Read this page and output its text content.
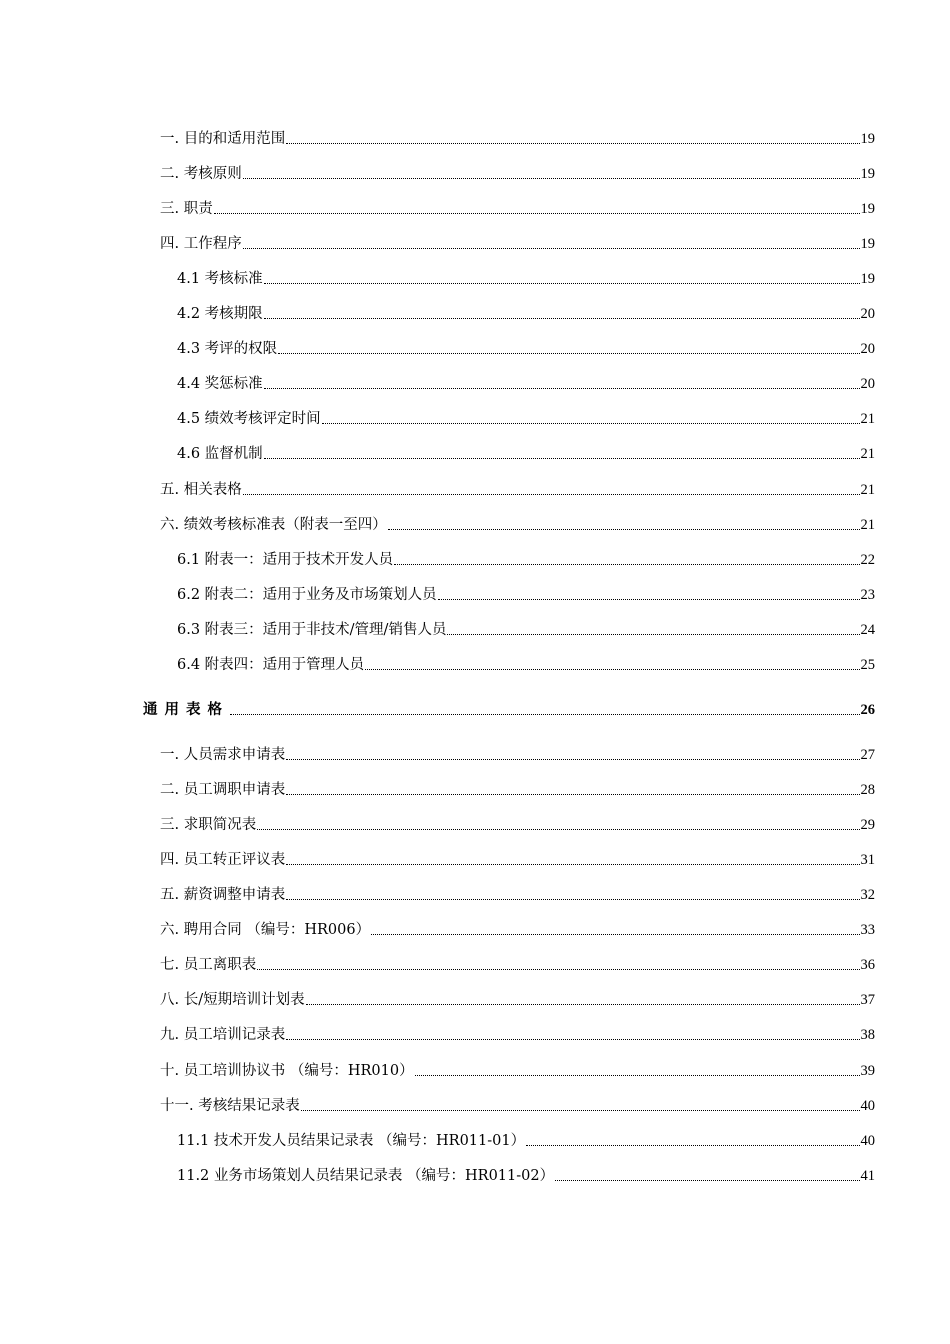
一. 目的和适用范围	19
二. 考核原则	19
三. 职责	19
四. 工作程序	19
4.1 考核标准	19
4.2 考核期限	20
4.3 考评的权限	20
4.4 奖惩标准	20
4.5 绩效考核评定时间	21
4.6 监督机制	21
五. 相关表格	21
六. 绩效考核标准表（附表一至四）	21
6.1 附表一：适用于技术开发人员	22
6.2 附表二：适用于业务及市场策划人员	23
6.3 附表三：适用于非技术/管理/销售人员	24
6.4 附表四：适用于管理人员	25
通用表格	26
一. 人员需求申请表	27
二. 员工调职申请表	28
三. 求职简况表	29
四. 员工转正评议表	31
五. 薪资调整申请表	32
六. 聘用合同 （编号：HR006）	33
七. 员工离职表	36
八. 长/短期培训计划表	37
九. 员工培训记录表	38
十. 员工培训协议书 （编号：HR010）	39
十一. 考核结果记录表	40
11.1 技术开发人员结果记录表 （编号：HR011-01）	40
11.2 业务市场策划人员结果记录表 （编号：HR011-02）	41
